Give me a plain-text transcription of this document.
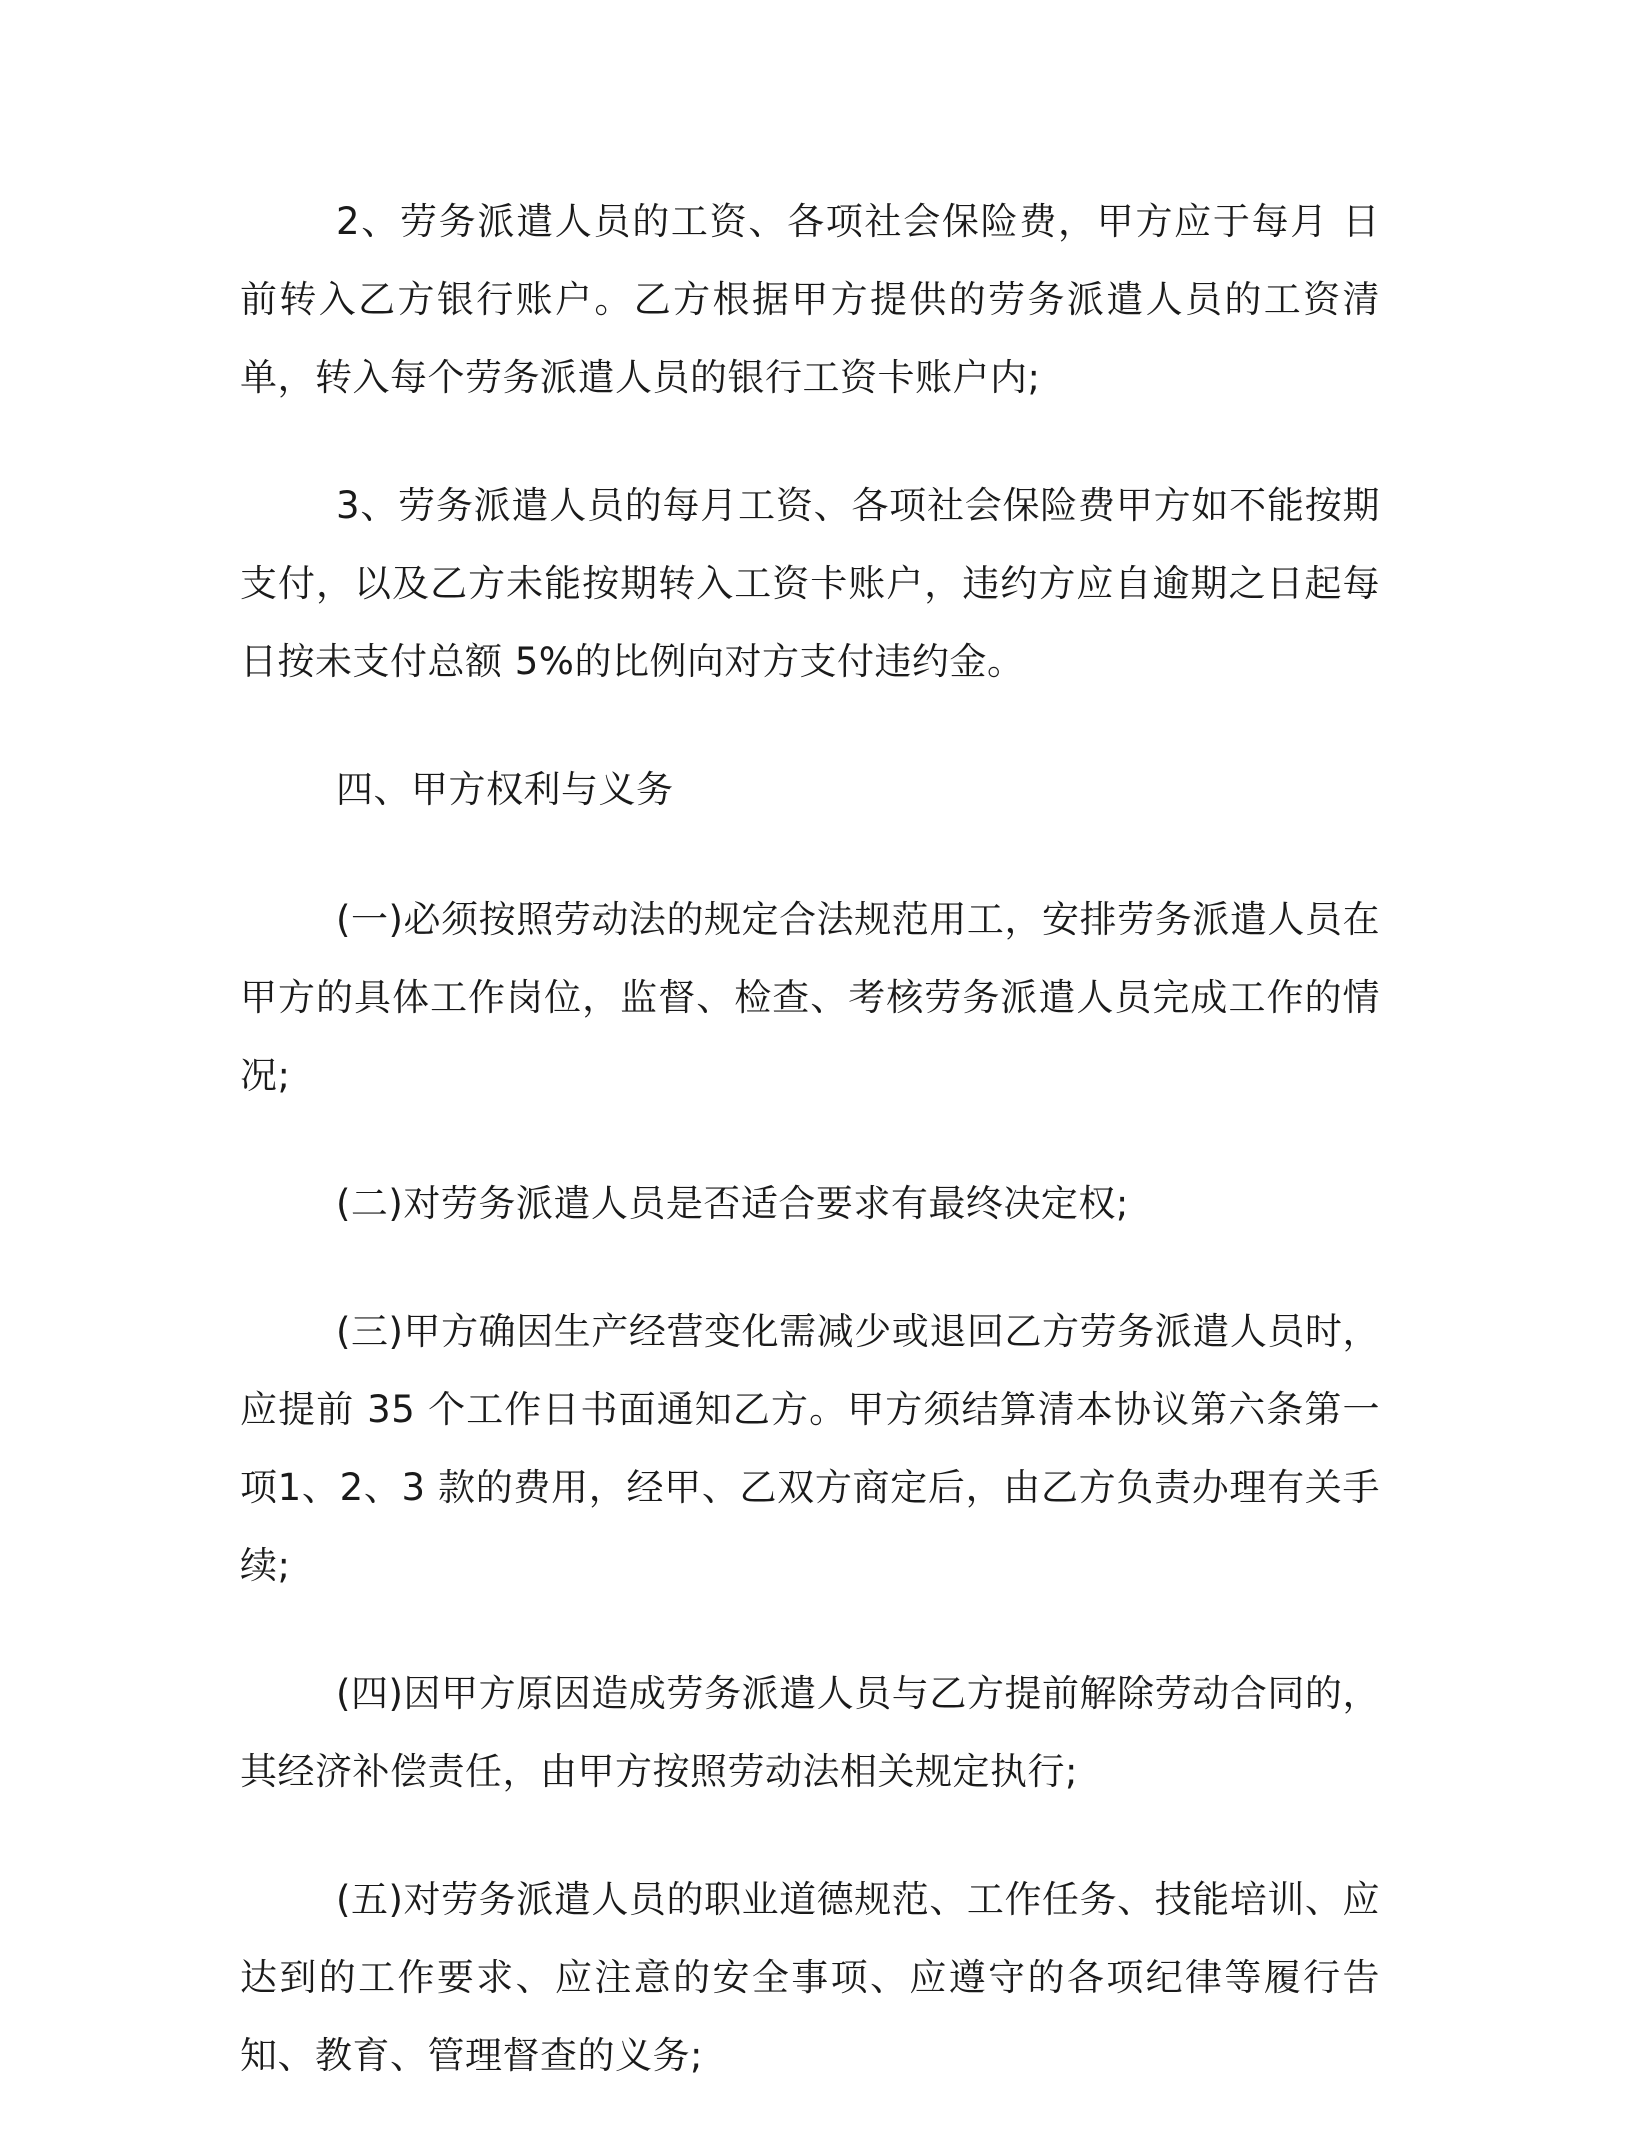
2、劳务派遣人员的工资、各项社会保险费，甲方应于每月 日前转入乙方银行账户。乙方根据甲方提供的劳务派遣人员的工资清单，转入每个劳务派遣人员的银行工资卡账户内;

3、劳务派遣人员的每月工资、各项社会保险费甲方如不能按期支付，以及乙方未能按期转入工资卡账户，违约方应自逾期之日起每日按未支付总额 5%的比例向对方支付违约金。

四、甲方权利与义务

(一)必须按照劳动法的规定合法规范用工，安排劳务派遣人员在甲方的具体工作岗位，监督、检查、考核劳务派遣人员完成工作的情况;

(二)对劳务派遣人员是否适合要求有最终决定权;

(三)甲方确因生产经营变化需减少或退回乙方劳务派遣人员时，应提前 35 个工作日书面通知乙方。甲方须结算清本协议第六条第一项1、2、3 款的费用，经甲、乙双方商定后，由乙方负责办理有关手续;

(四)因甲方原因造成劳务派遣人员与乙方提前解除劳动合同的，其经济补偿责任，由甲方按照劳动法相关规定执行;

(五)对劳务派遣人员的职业道德规范、工作任务、技能培训、应达到的工作要求、应注意的安全事项、应遵守的各项纪律等履行告知、教育、管理督查的义务;
